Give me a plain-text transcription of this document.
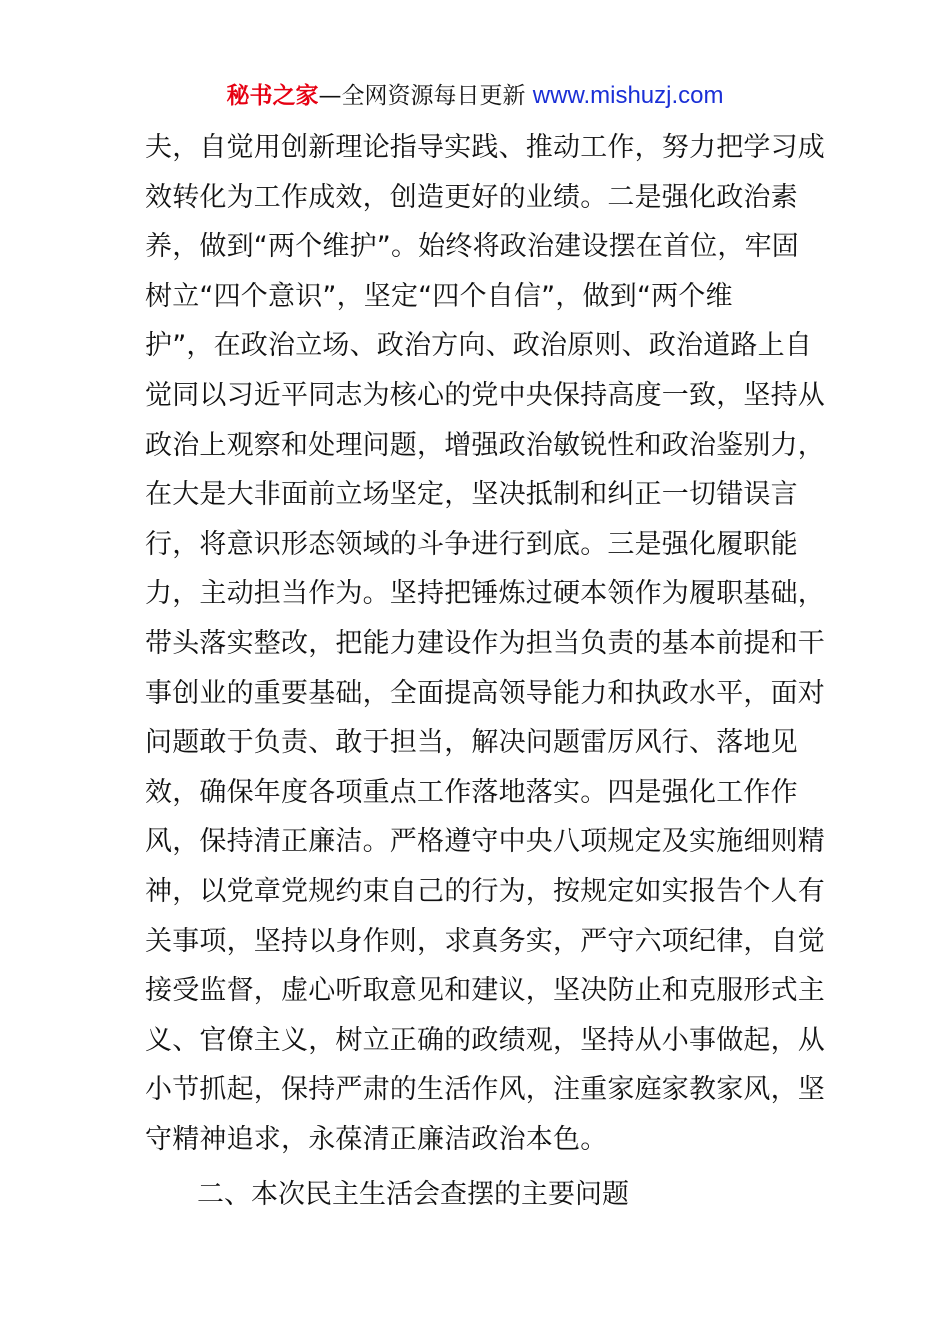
秘书之家—全网资源每日更新 www.mishuzj.com
夫，自觉用创新理论指导实践、推动工作，努力把学习成
效转化为工作成效，创造更好的业绩。二是强化政治素
养，做到“两个维护”。始终将政治建设摆在首位，牢固
树立“四个意识”，坚定“四个自信”，做到“两个维
护”，在政治立场、政治方向、政治原则、政治道路上自
觉同以习近平同志为核心的党中央保持高度一致，坚持从
政治上观察和处理问题，增强政治敏锐性和政治鉴别力，
在大是大非面前立场坚定，坚决抵制和纠正一切错误言
行，将意识形态领域的斗争进行到底。三是强化履职能
力，主动担当作为。坚持把锤炼过硬本领作为履职基础，
带头落实整改，把能力建设作为担当负责的基本前提和干
事创业的重要基础，全面提高领导能力和执政水平，面对
问题敢于负责、敢于担当，解决问题雷厉风行、落地见
效，确保年度各项重点工作落地落实。四是强化工作作
风，保持清正廉洁。严格遵守中央八项规定及实施细则精
神，以党章党规约束自己的行为，按规定如实报告个人有
关事项，坚持以身作则，求真务实，严守六项纪律，自觉
接受监督，虚心听取意见和建议，坚决防止和克服形式主
义、官僚主义，树立正确的政绩观，坚持从小事做起，从
小节抓起，保持严肃的生活作风，注重家庭家教家风，坚
守精神追求，永葆清正廉洁政治本色。
二、本次民主生活会查摆的主要问题
